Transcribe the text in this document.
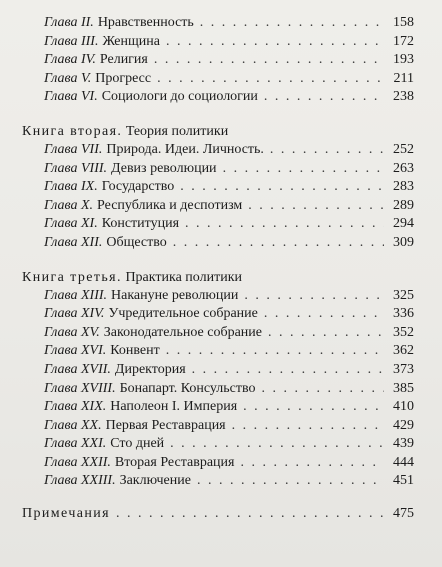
Глава II. Нравственность . . .	158
Глава III. Женщина . . .	172
Глава IV. Религия . . .	193
Глава V. Прогресс . . .	211
Глава VI. Социологи до социологии . . .	238
Книга вторая. Теория политики
Глава VII. Природа. Идеи. Личность. . . .	252
Глава VIII. Девиз революции . . .	263
Глава IX. Государство . . .	283
Глава X. Республика и деспотизм . . .	289
Глава XI. Конституция . . .	294
Глава XII. Общество . . .	309
Книга третья. Практика политики
Глава XIII. Накануне революции . . .	325
Глава XIV. Учредительное собрание . . .	336
Глава XV. Законодательное собрание . . .	352
Глава XVI. Конвент . . .	362
Глава XVII. Директория . . .	373
Глава XVIII. Бонапарт. Консульство . . .	385
Глава XIX. Наполеон I. Империя . . .	410
Глава XX. Первая Реставрация . . .	429
Глава XXI. Сто дней . . .	439
Глава XXII. Вторая Реставрация . . .	444
Глава XXIII. Заключение . . .	451
Примечания . . .	475
